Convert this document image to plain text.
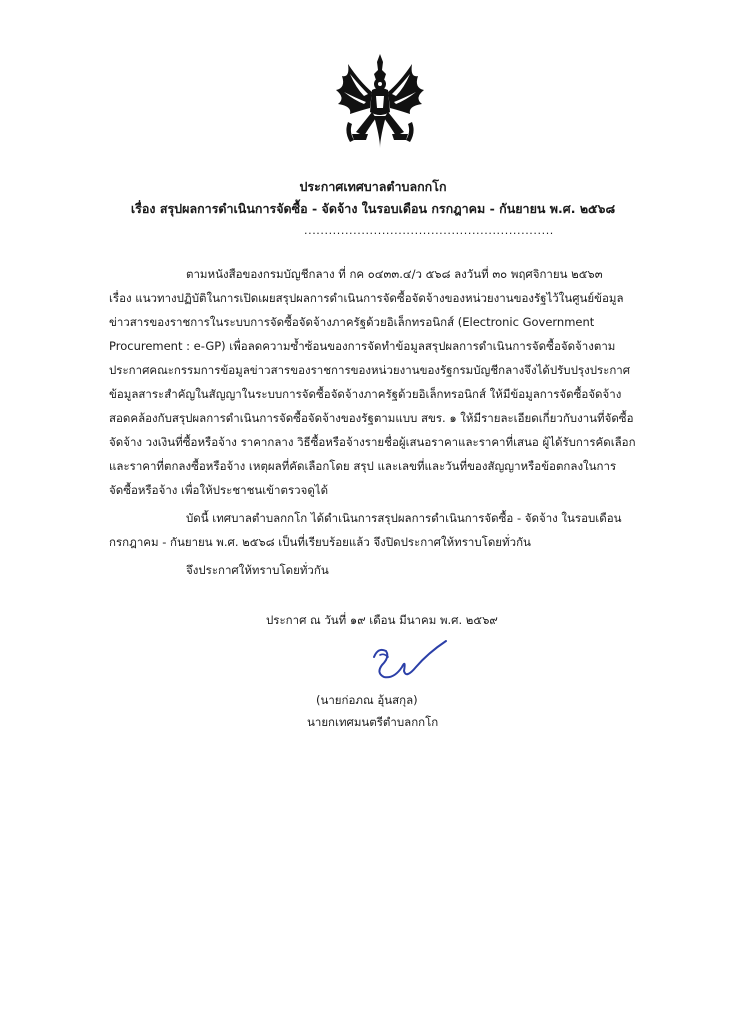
ประกาศเทศบาลตำบลกกโก
เรื่อง สรุปผลการดำเนินการจัดซื้อ - จัดจ้าง ในรอบเดือน กรกฎาคม - กันยายน พ.ศ. ๒๕๖๘
.............................................................
ตามหนังสือของกรมบัญชีกลาง ที่ กค ๐๔๓๓.๔/ว ๕๖๘ ลงวันที่ ๓๐ พฤศจิกายน ๒๕๖๓
เรื่อง แนวทางปฏิบัติในการเปิดเผยสรุปผลการดำเนินการจัดซื้อจัดจ้างของหน่วยงานของรัฐไว้ในศูนย์ข้อมูล
ข่าวสารของราชการในระบบการจัดซื้อจัดจ้างภาครัฐด้วยอิเล็กทรอนิกส์ (Electronic Government
Procurement : e-GP) เพื่อลดความซ้ำซ้อนของการจัดทำข้อมูลสรุปผลการดำเนินการจัดซื้อจัดจ้างตาม
ประกาศคณะกรรมการข้อมูลข่าวสารของราชการของหน่วยงานของรัฐกรมบัญชีกลางจึงได้ปรับปรุงประกาศ
ข้อมูลสาระสำคัญในสัญญาในระบบการจัดซื้อจัดจ้างภาครัฐด้วยอิเล็กทรอนิกส์ ให้มีข้อมูลการจัดซื้อจัดจ้าง
สอดคล้องกับสรุปผลการดำเนินการจัดซื้อจัดจ้างของรัฐตามแบบ สขร. ๑ ให้มีรายละเอียดเกี่ยวกับงานที่จัดซื้อ
จัดจ้าง วงเงินที่ซื้อหรือจ้าง ราคากลาง วิธีซื้อหรือจ้างรายชื่อผู้เสนอราคาและราคาที่เสนอ ผู้ได้รับการคัดเลือก
และราคาที่ตกลงซื้อหรือจ้าง เหตุผลที่คัดเลือกโดย สรุป และเลขที่และวันที่ของสัญญาหรือข้อตกลงในการ
จัดซื้อหรือจ้าง เพื่อให้ประชาชนเข้าตรวจดูได้
บัดนี้ เทศบาลตำบลกกโก ได้ดำเนินการสรุปผลการดำเนินการจัดซื้อ - จัดจ้าง ในรอบเดือน
กรกฎาคม - กันยายน พ.ศ. ๒๕๖๘ เป็นที่เรียบร้อยแล้ว จึงปิดประกาศให้ทราบโดยทั่วกัน
จึงประกาศให้ทราบโดยทั่วกัน
ประกาศ ณ วันที่ ๑๙ เดือน มีนาคม พ.ศ. ๒๕๖๙
(นายก่อภณ อุ้นสกุล)
นายกเทศมนตรีตำบลกกโก
